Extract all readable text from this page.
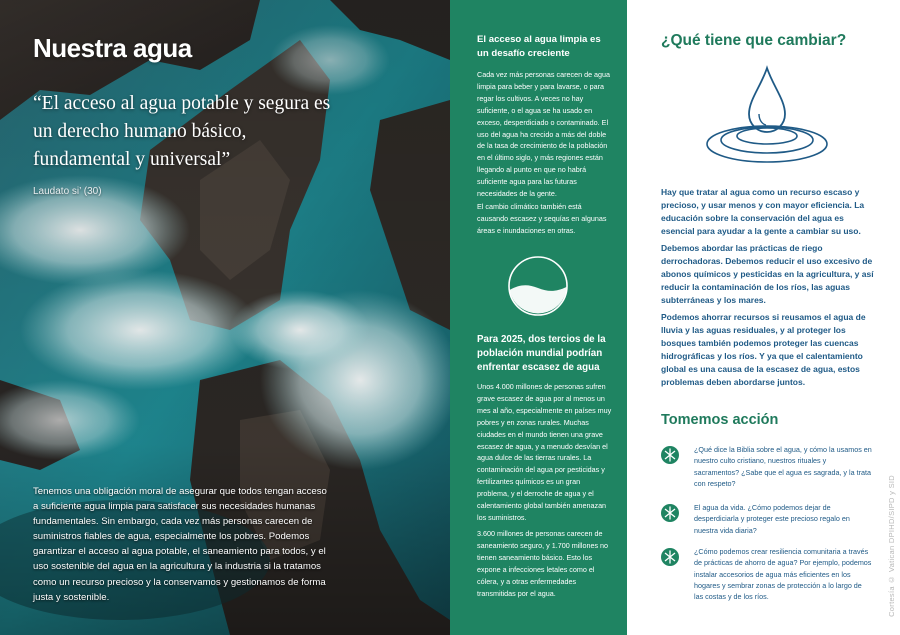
Nuestra agua

“El acceso al agua potable y segura es un derecho humano básico, fundamental y universal”

Laudato si’ (30)

Tenemos una obligación moral de asegurar que todos tengan acceso a suficiente agua limpia para satisfacer sus necesidades humanas fundamentales. Sin embargo, cada vez más personas carecen de suministros fiables de agua, especialmente los pobres. Podemos garantizar el acceso al agua potable, el saneamiento para todos, y el uso sostenible del agua en la agricultura y la industria si la tratamos como un recurso precioso y la conservamos y gestionamos de forma justa y sostenible.

El acceso al agua limpia es un desafío creciente

Cada vez más personas carecen de agua limpia para beber y para lavarse, o para regar los cultivos. A veces no hay suficiente, o el agua se ha usado en exceso, desperdiciado o contaminado. El uso del agua ha crecido a más del doble de la tasa de crecimiento de la población en el último siglo, y más regiones están llegando al punto en que no habrá suficiente agua para las futuras necesidades de la gente.

El cambio climático también está causando escasez y sequías en algunas áreas e inundaciones en otras.

Para 2025, dos tercios de la población mundial podrían enfrentar escasez de agua

Unos 4.000 millones de personas sufren grave escasez de agua por al menos un mes al año, especialmente en países muy pobres y en zonas rurales. Muchas ciudades en el mundo tienen una grave escasez de agua, y a menudo desvían el agua dulce de las tierras rurales. La contaminación del agua por pesticidas y fertilizantes químicos es un gran problema, y el derroche de agua y el calentamiento global también amenazan los suministros.

3.600 millones de personas carecen de saneamiento seguro, y 1.700 millones no tienen saneamiento básico. Esto los expone a infecciones letales como el cólera, y a otras enfermedades transmitidas por el agua.

¿Qué tiene que cambiar?

Hay que tratar al agua como un recurso escaso y precioso, y usar menos y con mayor eficiencia. La educación sobre la conservación del agua es esencial para ayudar a la gente a cambiar su uso.

Debemos abordar las prácticas de riego derrochadoras. Debemos reducir el uso excesivo de abonos químicos y pesticidas en la agricultura, y así reducir la contaminación de los ríos, las aguas subterráneas y los mares.

Podemos ahorrar recursos si reusamos el agua de lluvia y las aguas residuales, y al proteger los bosques también podemos proteger las cuencas hidrográficas y los ríos. Y ya que el calentamiento global es una causa de la escasez de agua, estos problemas deben abordarse juntos.

Tomemos acción

¿Qué dice la Biblia sobre el agua, y cómo la usamos en nuestro culto cristiano, nuestros rituales y sacramentos? ¿Sabe que el agua es sagrada, y la trata con respeto?

El agua da vida. ¿Cómo podemos dejar de desperdiciarla y proteger este precioso regalo en nuestra vida diaria?

¿Cómo podemos crear resiliencia comunitaria a través de prácticas de ahorro de agua? Por ejemplo, podemos instalar accesorios de agua más eficientes en los hogares y sembrar zonas de protección a lo largo de las costas y de los ríos.	Cortesía © Vatican DPIHD/SIPD y SID
